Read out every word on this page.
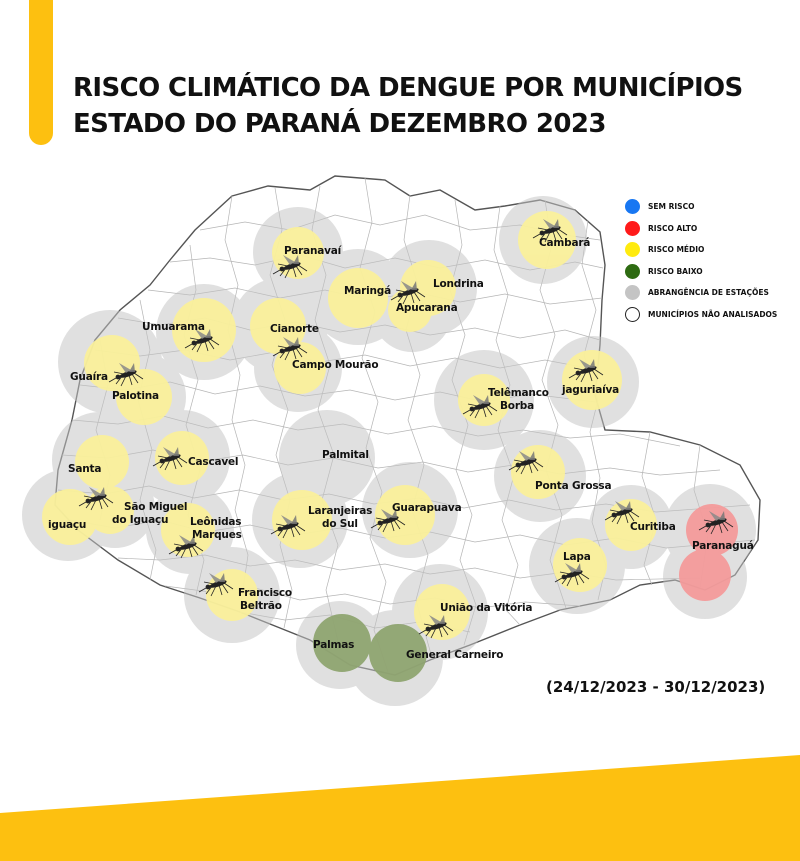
RISCO CLIMÁTICO DA DENGUE POR MUNICÍPIOS
ESTADO DO PARANÁ DEZEMBRO 2023
Paranavaí
Cambará
Maringá
Londrina
Apucarana
Umuarama	Cianorte
Campo Mourão
Guaíra
Palotina	Telêmanco
Borba
jaguriaíva
Cascavel
Palmital
Santa
iguaçu
São Miguel
do Iguaçu Leônidas
Marques
Laranjeiras
do Sul
Guarapuava
Ponta Grossa
Curitiba
Paranaguá
Lapa
Francisco
Beltrão	União da Vitória
Palmas
General Carneiro
SEM RISCO
RISCO ALTO
RISCO MÉDIO
RISCO BAIXO
ABRANGÊNCIA DE ESTAÇÕES
MUNICÍPIOS NÃO ANALISADOS
(24/12/2023 - 30/12/2023)
